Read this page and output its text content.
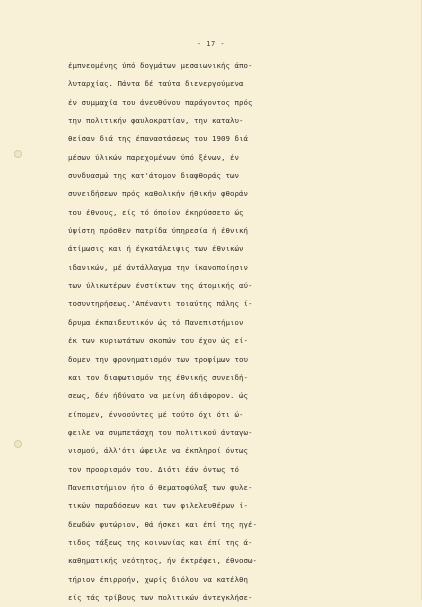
- 17 -
έμπνεομένης ύπό δογμάτων μεσαιωνικής άπο-
λυταρχίας. Πάντα δέ ταύτα διενεργούμενα
έν συμμαχία του άνευθύνου παράγοντος πρός
την πολιτικήν φαυλοκρατίαν, την καταλυ-
θείσαν διά της έπαναστάσεως του 1909 διά
μέσων ύλικών παρεχομένων ύπό ξένων, έν
συνδυασμώ της κατ'άτομον διαφθοράς των
συνειδήσεων πρός καθολικήν ήθικήν φθοράν
του έθνους, είς τό όποίον έκηρύσσετο ώς
ύψίστη πρόσθεν πατρίδα ύπηρεσία ή έθνική
άτίμωσις και ή έγκατάλειψις των έθνικών
ιδανικών, μέ άντάλλαγμα την ίκανοποίησιν
των ύλικωτέρων ένστίκτων της άτομικής αύ-
τοσυντηρήσεως.'Απέναντι τοιαύτης πάλης ί-
δρυμα έκπαιδευτικόν ώς τό Πανεπιστήμιον
έκ των κυριωτάτων σκοπών του έχον ώς εί-
δομεν την φρονηματισμόν των τροφίμων του
και τον διαφωτισμόν της έθνικής συνειδή-
σεως, δέν ήδύνατο να μείνη άδιάφορον. ώς
είπομεν, έννοούντες μέ τούτο όχι ότι ώ-
φειλε να συμπετάσχη του πολιτικού άνταγω-
νισμού, άλλ'ότι ώφειλε να έκπληροί όντως
τον προορισμόν του. Διότι έάν όντως τό
Πανεπιστήμιον ήτο ό θεματοφύλαξ των φυλε-
τικών παραδόσεων και των φιλελευθέρων ί-
δεωδών φυτώριον, θά ήσκει και έπί της ηγέ-
τιδος τάξεως της κοινωνίας και έπί της ά-
καθηματικής νεότητος, ήν έκτρέφει, έθνοσω-
τήριον έπιρροήν, χωρίς διόλου να κατέλθη
είς τάς τρίβους των πολιτικών άντεγκλήσε-
